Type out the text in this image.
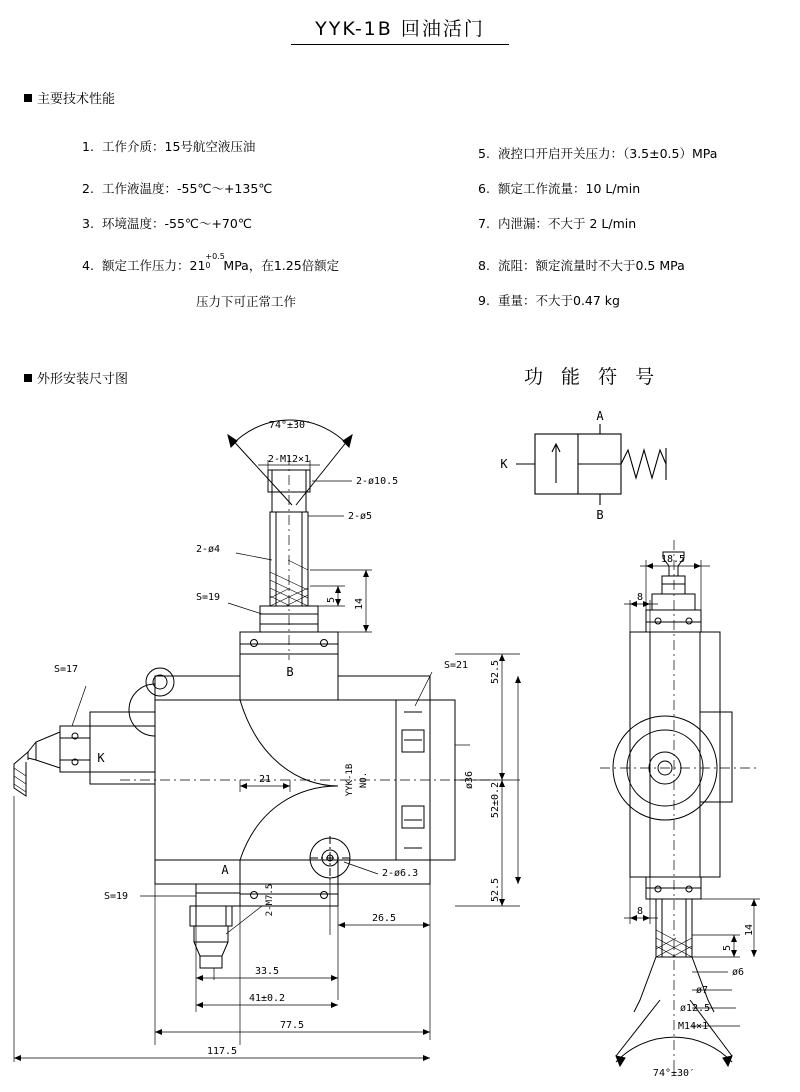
YYK-1B 回油活门
主要技术性能
外形安装尺寸图	功 能 符 号
1. 工作介质：15号航空液压油
2. 工作液温度：-55℃～+135℃
3. 环境温度：-55℃～+70℃
4. 额定工作压力：21
+0.5
0 MPa，在1.25倍额定
压力下可正常工作
5. 液控口开启开关压力：（3.5±0.5）MPa
6. 额定工作流量：10 L/min
7. 内泄漏：不大于 2 L/min
8. 流阻：额定流量时不大于0.5 MPa
9. 重量：不大于0.47 kg
A
B
K
74°±30′
2-M12×1
2-ø10.5
2-ø5
2-ø4
S=19
S=17	S=21
S=19
5 14
52.5
52±0.2
52.5
ø36
B
A
K
YYK-1B NO.
21
26.5
33.5
41±0.2
77.5
117.5
2-M7.5
2-ø6.3
18.5
8
8
14
5
ø6
ø7
ø12.5
M14×1
74°±30′
